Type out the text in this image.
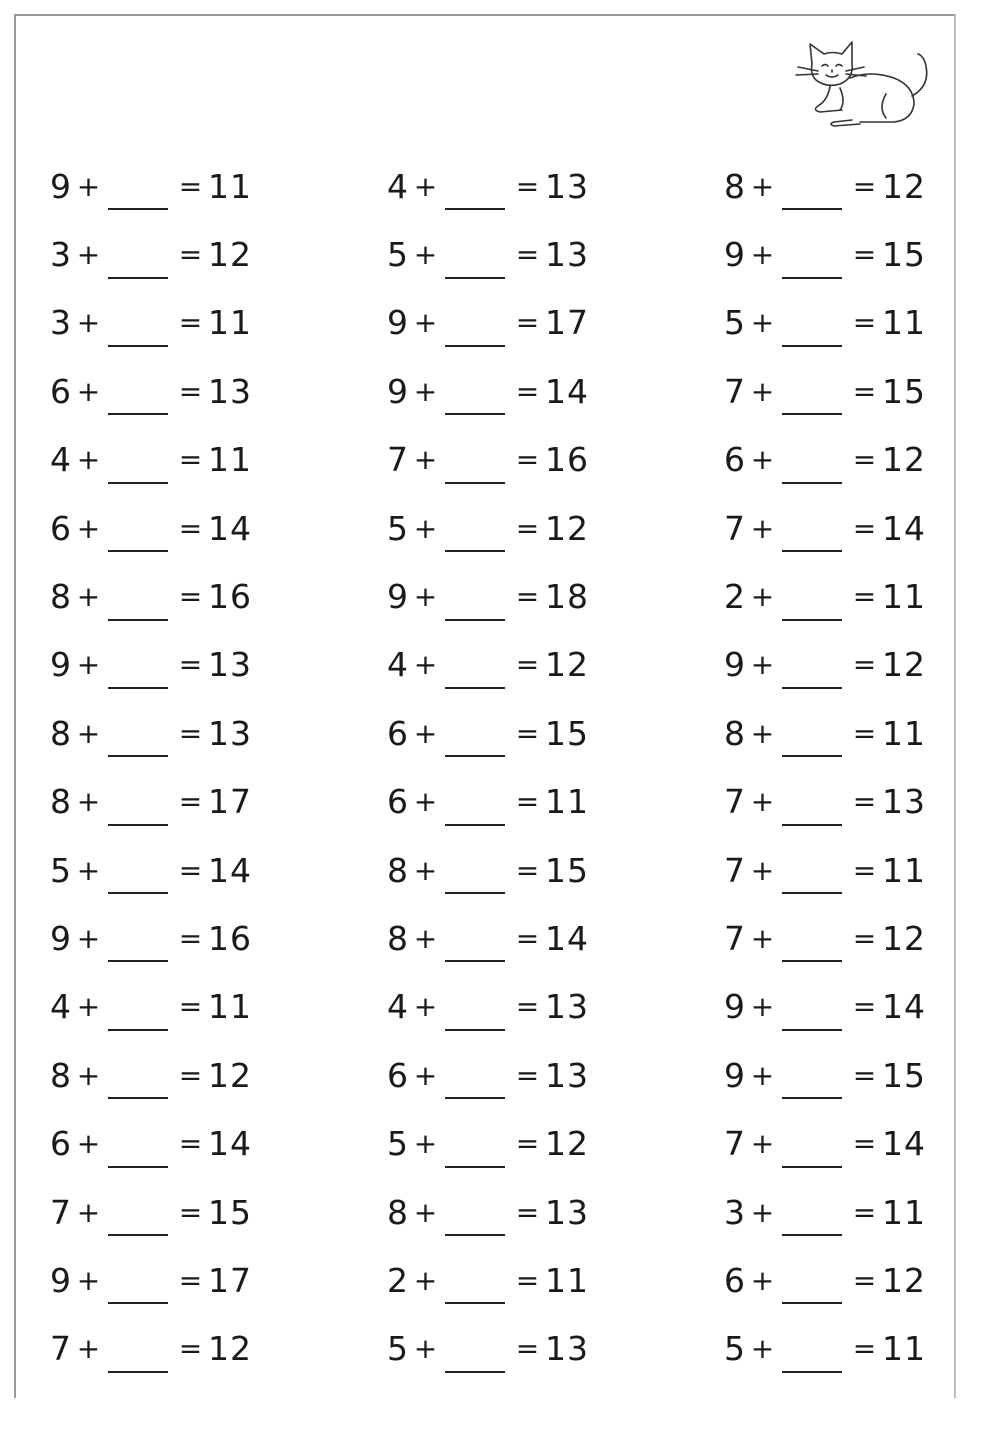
9 +	= 11
3 +	= 12
3 +	= 11
6 +	= 13
4 +	= 11
6 +	= 14
8 +	= 16
9 +	= 13
8 +	= 13
8 +	= 17
5 +	= 14
9 +	= 16
4 +	= 11
8 +	= 12
6 +	= 14
7 +	= 15
9 +	= 17
7 +	= 12
4 +	= 13
5 +	= 13
9 +	= 17
9 +	= 14
7 +	= 16
5 +	= 12
9 +	= 18
4 +	= 12
6 +	= 15
6 +	= 11
8 +	= 15
8 +	= 14
4 +	= 13
6 +	= 13
5 +	= 12
8 +	= 13
2 +	= 11
5 +	= 13
8 +	= 12
9 +	= 15
5 +	= 11
7 +	= 15
6 +	= 12
7 +	= 14
2 +	= 11
9 +	= 12
8 +	= 11
7 +	= 13
7 +	= 11
7 +	= 12
9 +	= 14
9 +	= 15
7 +	= 14
3 +	= 11
6 +	= 12
5 +	= 11
